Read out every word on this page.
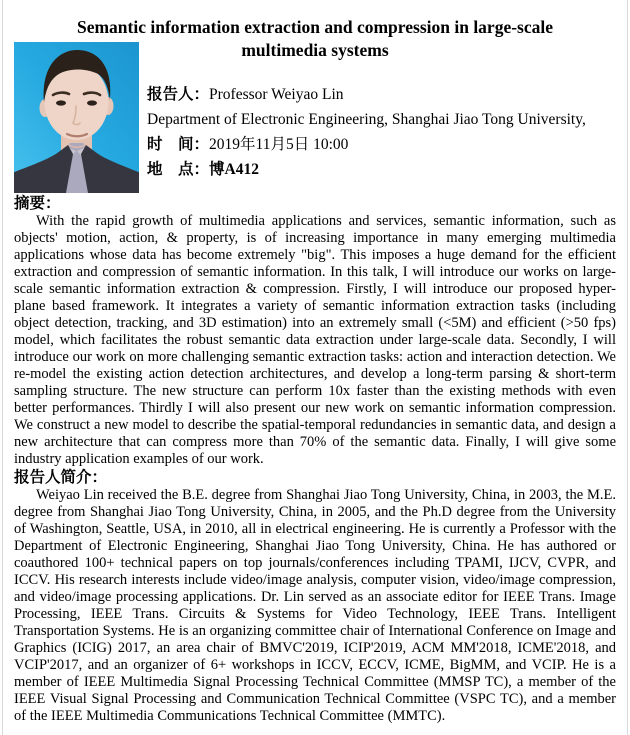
Semantic information extraction and compression in large-scale
multimedia systems
报告人：Professor Weiyao Lin
Department of Electronic Engineering, Shanghai Jiao Tong University,
时　间：2019年11月5日 10:00
地　点：博A412
摘要：

With the rapid growth of multimedia applications and services, semantic information, such as objects' motion, action, & property, is of increasing importance in many emerging multimedia applications whose data has become extremely "big". This imposes a huge demand for the efficient extraction and compression of semantic information. In this talk, I will introduce our works on large-scale semantic information extraction & compression. Firstly, I will introduce our proposed hyper-plane based framework. It integrates a variety of semantic information extraction tasks (including object detection, tracking, and 3D estimation) into an extremely small (<5M) and efficient (>50 fps) model, which facilitates the robust semantic data extraction under large-scale data. Secondly, I will introduce our work on more challenging semantic extraction tasks: action and interaction detection. We re-model the existing action detection architectures, and develop a long-term parsing & short-term sampling structure. The new structure can perform 10x faster than the existing methods with even better performances. Thirdly I will also present our new work on semantic information compression. We construct a new model to describe the spatial-temporal redundancies in semantic data, and design a new architecture that can compress more than 70% of the semantic data. Finally, I will give some industry application examples of our work.

报告人简介：

Weiyao Lin received the B.E. degree from Shanghai Jiao Tong University, China, in 2003, the M.E. degree from Shanghai Jiao Tong University, China, in 2005, and the Ph.D degree from the University of Washington, Seattle, USA, in 2010, all in electrical engineering. He is currently a Professor with the Department of Electronic Engineering, Shanghai Jiao Tong University, China. He has authored or coauthored 100+ technical papers on top journals/conferences including TPAMI, IJCV, CVPR, and ICCV. His research interests include video/image analysis, computer vision, video/image compression, and video/image processing applications. Dr. Lin served as an associate editor for IEEE Trans. Image Processing, IEEE Trans. Circuits & Systems for Video Technology, IEEE Trans. Intelligent Transportation Systems. He is an organizing committee chair of International Conference on Image and Graphics (ICIG) 2017, an area chair of BMVC'2019, ICIP'2019, ACM MM'2018, ICME'2018, and VCIP'2017, and an organizer of 6+ workshops in ICCV, ECCV, ICME, BigMM, and VCIP. He is a member of IEEE Multimedia Signal Processing Technical Committee (MMSP TC), a member of the IEEE Visual Signal Processing and Communication Technical Committee (VSPC TC), and a member of the IEEE Multimedia Communications Technical Committee (MMTC).
